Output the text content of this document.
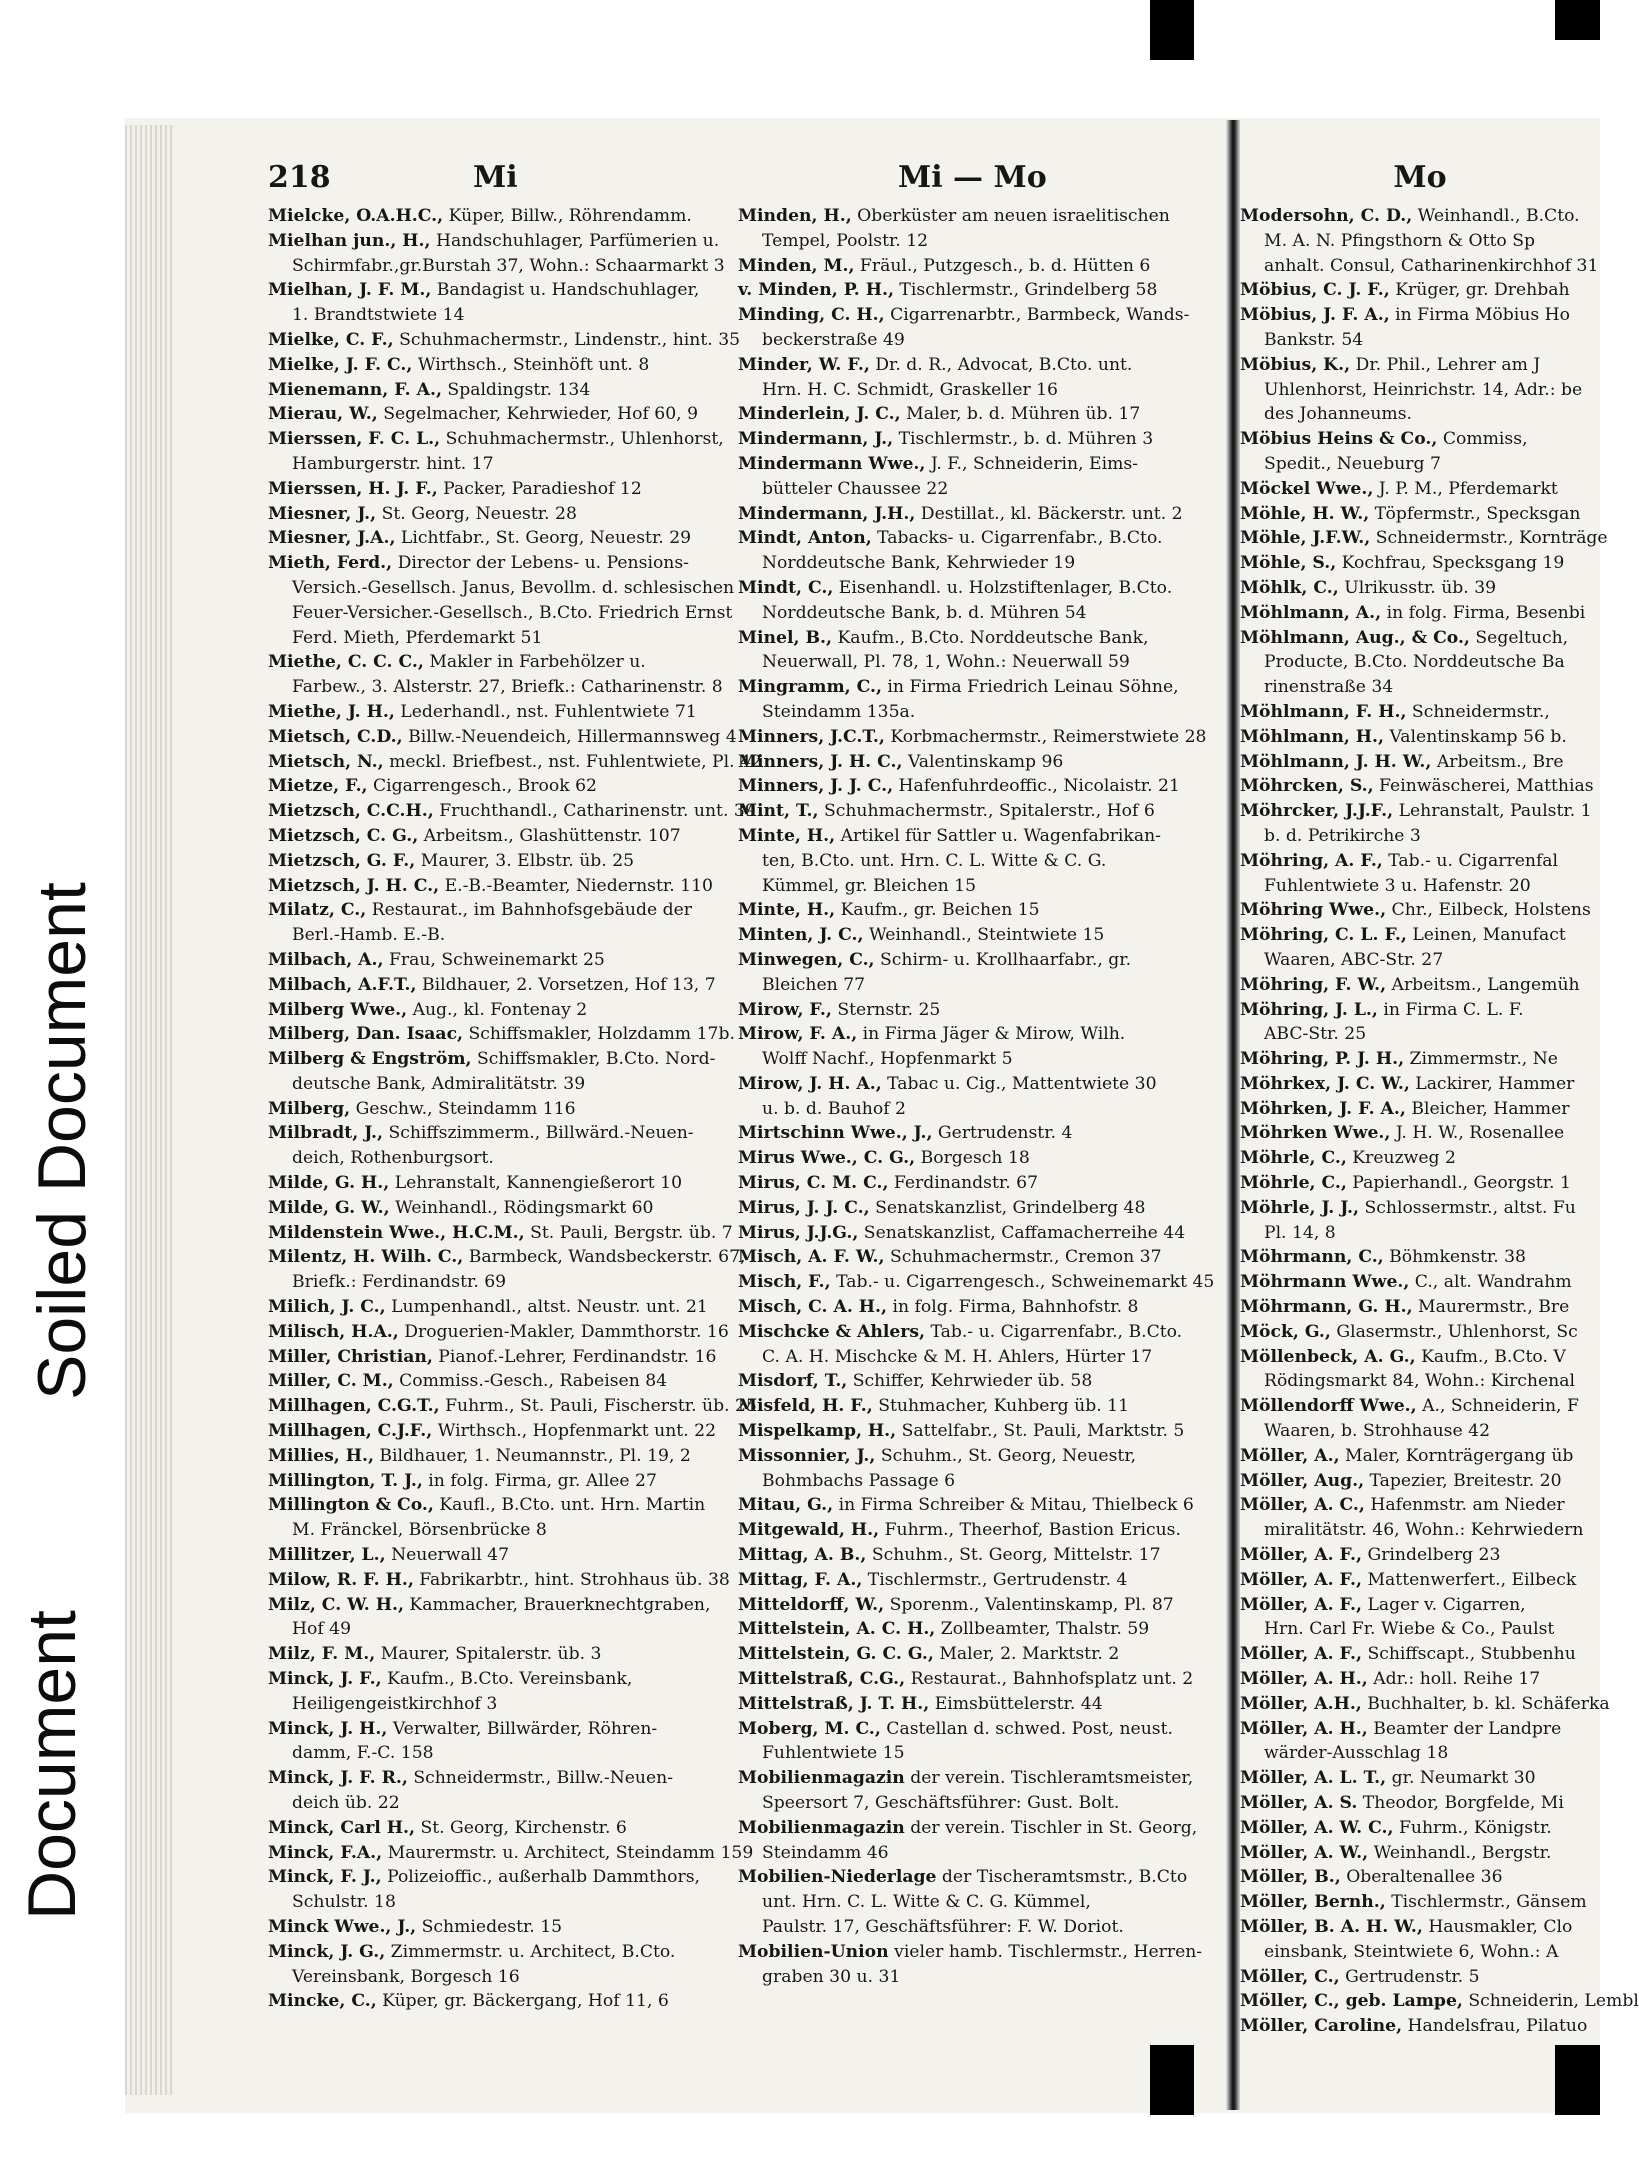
Soiled Document
Document
218	Mi	Mi — Mo
Mielcke, O.A.H.C., Küper, Billw., Röhrendamm.
Mielhan jun., H., Handschuhlager, Parfümerien u.
Schirmfabr.,gr.Burstah 37, Wohn.: Schaarmarkt 3
Mielhan, J. F. M., Bandagist u. Handschuhlager,
1. Brandtstwiete 14
Mielke, C. F., Schuhmachermstr., Lindenstr., hint. 35
Mielke, J. F. C., Wirthsch., Steinhöft unt. 8
Mienemann, F. A., Spaldingstr. 134
Mierau, W., Segelmacher, Kehrwieder, Hof 60, 9
Mierssen, F. C. L., Schuhmachermstr., Uhlenhorst,
Hamburgerstr. hint. 17
Mierssen, H. J. F., Packer, Paradieshof 12
Miesner, J., St. Georg, Neuestr. 28
Miesner, J.A., Lichtfabr., St. Georg, Neuestr. 29
Mieth, Ferd., Director der Lebens- u. Pensions-
Versich.-Gesellsch. Janus, Bevollm. d. schlesischen
Feuer-Versicher.-Gesellsch., B.Cto. Friedrich Ernst
Ferd. Mieth, Pferdemarkt 51
Miethe, C. C. C., Makler in Farbehölzer u.
Farbew., 3. Alsterstr. 27, Briefk.: Catharinenstr. 8
Miethe, J. H., Lederhandl., nst. Fuhlentwiete 71
Mietsch, C.D., Billw.-Neuendeich, Hillermannsweg 4
Mietsch, N., meckl. Briefbest., nst. Fuhlentwiete, Pl. 42
Mietze, F., Cigarrengesch., Brook 62
Mietzsch, C.C.H., Fruchthandl., Catharinenstr. unt. 39
Mietzsch, C. G., Arbeitsm., Glashüttenstr. 107
Mietzsch, G. F., Maurer, 3. Elbstr. üb. 25
Mietzsch, J. H. C., E.-B.-Beamter, Niedernstr. 110
Milatz, C., Restaurat., im Bahnhofsgebäude der
Berl.-Hamb. E.-B.
Milbach, A., Frau, Schweinemarkt 25
Milbach, A.F.T., Bildhauer, 2. Vorsetzen, Hof 13, 7
Milberg Wwe., Aug., kl. Fontenay 2
Milberg, Dan. Isaac, Schiffsmakler, Holzdamm 17b.
Milberg & Engström, Schiffsmakler, B.Cto. Nord-
deutsche Bank, Admiralitätstr. 39
Milberg, Geschw., Steindamm 116
Milbradt, J., Schiffszimmerm., Billwärd.-Neuen-
deich, Rothenburgsort.
Milde, G. H., Lehranstalt, Kannengießerort 10
Milde, G. W., Weinhandl., Rödingsmarkt 60
Mildenstein Wwe., H.C.M., St. Pauli, Bergstr. üb. 7
Milentz, H. Wilh. C., Barmbeck, Wandsbeckerstr. 67,
Briefk.: Ferdinandstr. 69
Milich, J. C., Lumpenhandl., altst. Neustr. unt. 21
Milisch, H.A., Droguerien-Makler, Dammthorstr. 16
Miller, Christian, Pianof.-Lehrer, Ferdinandstr. 16
Miller, C. M., Commiss.-Gesch., Rabeisen 84
Millhagen, C.G.T., Fuhrm., St. Pauli, Fischerstr. üb. 25
Millhagen, C.J.F., Wirthsch., Hopfenmarkt unt. 22
Millies, H., Bildhauer, 1. Neumannstr., Pl. 19, 2
Millington, T. J., in folg. Firma, gr. Allee 27
Millington & Co., Kaufl., B.Cto. unt. Hrn. Martin
M. Fränckel, Börsenbrücke 8
Millitzer, L., Neuerwall 47
Milow, R. F. H., Fabrikarbtr., hint. Strohhaus üb. 38
Milz, C. W. H., Kammacher, Brauerknechtgraben,
Hof 49
Milz, F. M., Maurer, Spitalerstr. üb. 3
Minck, J. F., Kaufm., B.Cto. Vereinsbank,
Heiligengeistkirchhof 3
Minck, J. H., Verwalter, Billwärder, Röhren-
damm, F.-C. 158
Minck, J. F. R., Schneidermstr., Billw.-Neuen-
deich üb. 22
Minck, Carl H., St. Georg, Kirchenstr. 6
Minck, F.A., Maurermstr. u. Architect, Steindamm 159
Minck, F. J., Polizeioffic., außerhalb Dammthors,
Schulstr. 18
Minck Wwe., J., Schmiedestr. 15
Minck, J. G., Zimmermstr. u. Architect, B.Cto.
Vereinsbank, Borgesch 16
Mincke, C., Küper, gr. Bäckergang, Hof 11, 6
Minden, H., Oberküster am neuen israelitischen
Tempel, Poolstr. 12
Minden, M., Fräul., Putzgesch., b. d. Hütten 6
v. Minden, P. H., Tischlermstr., Grindelberg 58
Minding, C. H., Cigarrenarbtr., Barmbeck, Wands-
beckerstraße 49
Minder, W. F., Dr. d. R., Advocat, B.Cto. unt.
Hrn. H. C. Schmidt, Graskeller 16
Minderlein, J. C., Maler, b. d. Mühren üb. 17
Mindermann, J., Tischlermstr., b. d. Mühren 3
Mindermann Wwe., J. F., Schneiderin, Eims-
bütteler Chaussee 22
Mindermann, J.H., Destillat., kl. Bäckerstr. unt. 2
Mindt, Anton, Tabacks- u. Cigarrenfabr., B.Cto.
Norddeutsche Bank, Kehrwieder 19
Mindt, C., Eisenhandl. u. Holzstiftenlager, B.Cto.
Norddeutsche Bank, b. d. Mühren 54
Minel, B., Kaufm., B.Cto. Norddeutsche Bank,
Neuerwall, Pl. 78, 1, Wohn.: Neuerwall 59
Mingramm, C., in Firma Friedrich Leinau Söhne,
Steindamm 135a.
Minners, J.C.T., Korbmachermstr., Reimerstwiete 28
Minners, J. H. C., Valentinskamp 96
Minners, J. J. C., Hafenfuhrdeoffic., Nicolaistr. 21
Mint, T., Schuhmachermstr., Spitalerstr., Hof 6
Minte, H., Artikel für Sattler u. Wagenfabrikan-
ten, B.Cto. unt. Hrn. C. L. Witte & C. G.
Kümmel, gr. Bleichen 15
Minte, H., Kaufm., gr. Beichen 15
Minten, J. C., Weinhandl., Steintwiete 15
Minwegen, C., Schirm- u. Krollhaarfabr., gr.
Bleichen 77
Mirow, F., Sternstr. 25
Mirow, F. A., in Firma Jäger & Mirow, Wilh.
Wolff Nachf., Hopfenmarkt 5
Mirow, J. H. A., Tabac u. Cig., Mattentwiete 30
u. b. d. Bauhof 2
Mirtschinn Wwe., J., Gertrudenstr. 4
Mirus Wwe., C. G., Borgesch 18
Mirus, C. M. C., Ferdinandstr. 67
Mirus, J. J. C., Senatskanzlist, Grindelberg 48
Mirus, J.J.G., Senatskanzlist, Caffamacherreihe 44
Misch, A. F. W., Schuhmachermstr., Cremon 37
Misch, F., Tab.- u. Cigarrengesch., Schweinemarkt 45
Misch, C. A. H., in folg. Firma, Bahnhofstr. 8
Mischcke & Ahlers, Tab.- u. Cigarrenfabr., B.Cto.
C. A. H. Mischcke & M. H. Ahlers, Hürter 17
Misdorf, T., Schiffer, Kehrwieder üb. 58
Misfeld, H. F., Stuhmacher, Kuhberg üb. 11
Mispelkamp, H., Sattelfabr., St. Pauli, Marktstr. 5
Missonnier, J., Schuhm., St. Georg, Neuestr,
Bohmbachs Passage 6
Mitau, G., in Firma Schreiber & Mitau, Thielbeck 6
Mitgewald, H., Fuhrm., Theerhof, Bastion Ericus.
Mittag, A. B., Schuhm., St. Georg, Mittelstr. 17
Mittag, F. A., Tischlermstr., Gertrudenstr. 4
Mitteldorff, W., Sporenm., Valentinskamp, Pl. 87
Mittelstein, A. C. H., Zollbeamter, Thalstr. 59
Mittelstein, G. C. G., Maler, 2. Marktstr. 2
Mittelstraß, C.G., Restaurat., Bahnhofsplatz unt. 2
Mittelstraß, J. T. H., Eimsbüttelerstr. 44
Moberg, M. C., Castellan d. schwed. Post, neust.
Fuhlentwiete 15
Mobilienmagazin der verein. Tischleramtsmeister,
Speersort 7, Geschäftsführer: Gust. Bolt.
Mobilienmagazin der verein. Tischler in St. Georg,
Steindamm 46
Mobilien-Niederlage der Tischeramtsmstr., B.Cto
unt. Hrn. C. L. Witte & C. G. Kümmel,
Paulstr. 17, Geschäftsführer: F. W. Doriot.
Mobilien-Union vieler hamb. Tischlermstr., Herren-
graben 30 u. 31
Mo
Modersohn, C. D., Weinhandl., B.Cto.
M. A. N. Pfingsthorn & Otto Sp
anhalt. Consul, Catharinenkirchhof 31
Möbius, C. J. F., Krüger, gr. Drehbah
Möbius, J. F. A., in Firma Möbius Ho
Bankstr. 54
Möbius, K., Dr. Phil., Lehrer am J
Uhlenhorst, Heinrichstr. 14, Adr.: be
des Johanneums.
Möbius Heins & Co., Commiss,
Spedit., Neueburg 7
Möckel Wwe., J. P. M., Pferdemarkt
Möhle, H. W., Töpfermstr., Specksgan
Möhle, J.F.W., Schneidermstr., Kornträge
Möhle, S., Kochfrau, Specksgang 19
Möhlk, C., Ulrikusstr. üb. 39
Möhlmann, A., in folg. Firma, Besenbi
Möhlmann, Aug., & Co., Segeltuch,
Producte, B.Cto. Norddeutsche Ba
rinenstraße 34
Möhlmann, F. H., Schneidermstr.,
Möhlmann, H., Valentinskamp 56 b.
Möhlmann, J. H. W., Arbeitsm., Bre
Möhrcken, S., Feinwäscherei, Matthias
Möhrcker, J.J.F., Lehranstalt, Paulstr. 1
b. d. Petrikirche 3
Möhring, A. F., Tab.- u. Cigarrenfal
Fuhlentwiete 3 u. Hafenstr. 20
Möhring Wwe., Chr., Eilbeck, Holstens
Möhring, C. L. F., Leinen, Manufact
Waaren, ABC-Str. 27
Möhring, F. W., Arbeitsm., Langemüh
Möhring, J. L., in Firma C. L. F.
ABC-Str. 25
Möhring, P. J. H., Zimmermstr., Ne
Möhrkex, J. C. W., Lackirer, Hammer
Möhrken, J. F. A., Bleicher, Hammer
Möhrken Wwe., J. H. W., Rosenallee
Möhrle, C., Kreuzweg 2
Möhrle, C., Papierhandl., Georgstr. 1
Möhrle, J. J., Schlossermstr., altst. Fu
Pl. 14, 8
Möhrmann, C., Böhmkenstr. 38
Möhrmann Wwe., C., alt. Wandrahm
Möhrmann, G. H., Maurermstr., Bre
Möck, G., Glasermstr., Uhlenhorst, Sc
Möllenbeck, A. G., Kaufm., B.Cto. V
Rödingsmarkt 84, Wohn.: Kirchenal
Möllendorff Wwe., A., Schneiderin, F
Waaren, b. Strohhause 42
Möller, A., Maler, Kornträgergang üb
Möller, Aug., Tapezier, Breitestr. 20
Möller, A. C., Hafenmstr. am Nieder
miralitätstr. 46, Wohn.: Kehrwiedern
Möller, A. F., Grindelberg 23
Möller, A. F., Mattenwerfert., Eilbeck
Möller, A. F., Lager v. Cigarren,
Hrn. Carl Fr. Wiebe & Co., Paulst
Möller, A. F., Schiffscapt., Stubbenhu
Möller, A. H., Adr.: holl. Reihe 17
Möller, A.H., Buchhalter, b. kl. Schäferka
Möller, A. H., Beamter der Landpre
wärder-Ausschlag 18
Möller, A. L. T., gr. Neumarkt 30
Möller, A. S. Theodor, Borgfelde, Mi
Möller, A. W. C., Fuhrm., Königstr.
Möller, A. W., Weinhandl., Bergstr.
Möller, B., Oberaltenallee 36
Möller, Bernh., Tischlermstr., Gänsem
Möller, B. A. H. W., Hausmakler, Clo
einsbank, Steintwiete 6, Wohn.: A
Möller, C., Gertrudenstr. 5
Möller, C., geb. Lampe, Schneiderin, Lembl
Möller, Caroline, Handelsfrau, Pilatuo
